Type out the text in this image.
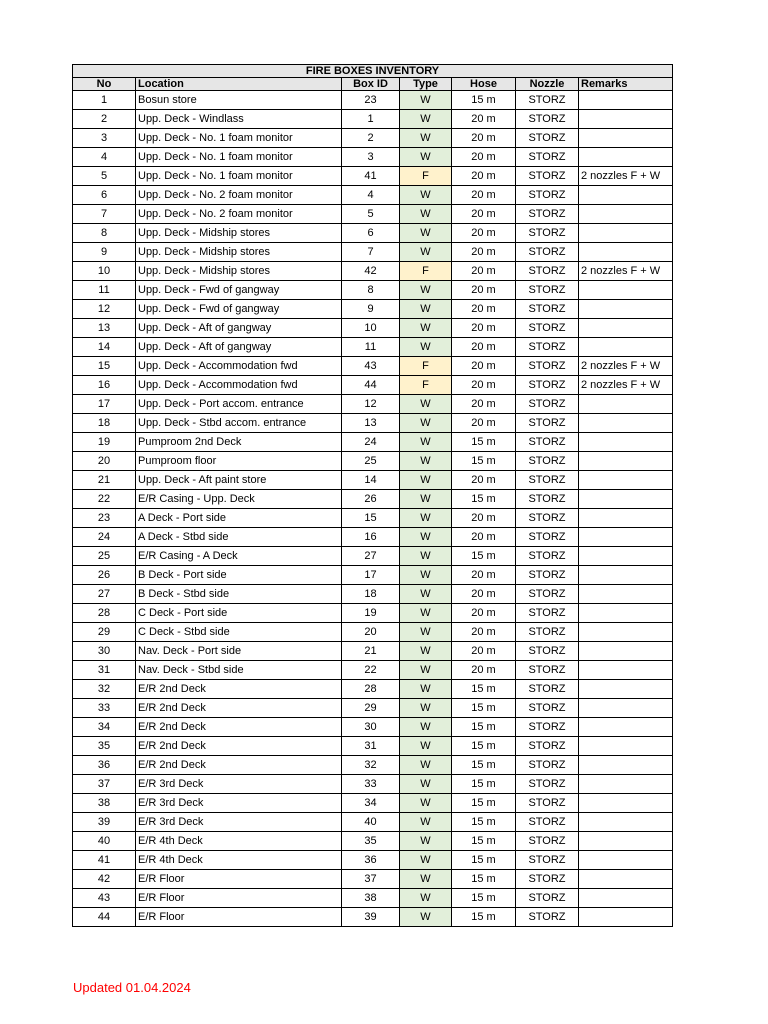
FIRE BOXES INVENTORY						
No	Location	Box ID	Type	Hose	Nozzle	Remarks
1	Bosun store	23	W	15 m	STORZ	
2	Upp. Deck - Windlass	1	W	20 m	STORZ	
3	Upp. Deck - No. 1 foam monitor	2	W	20 m	STORZ	
4	Upp. Deck - No. 1 foam monitor	3	W	20 m	STORZ	
5	Upp. Deck - No. 1 foam monitor	41	F	20 m	STORZ	2 nozzles F + W
6	Upp. Deck - No. 2 foam monitor	4	W	20 m	STORZ	
7	Upp. Deck - No. 2 foam monitor	5	W	20 m	STORZ	
8	Upp. Deck - Midship stores	6	W	20 m	STORZ	
9	Upp. Deck - Midship stores	7	W	20 m	STORZ	
10	Upp. Deck - Midship stores	42	F	20 m	STORZ	2 nozzles F + W
11	Upp. Deck - Fwd of gangway	8	W	20 m	STORZ	
12	Upp. Deck - Fwd of gangway	9	W	20 m	STORZ	
13	Upp. Deck - Aft of gangway	10	W	20 m	STORZ	
14	Upp. Deck - Aft of gangway	11	W	20 m	STORZ	
15	Upp. Deck - Accommodation fwd	43	F	20 m	STORZ	2 nozzles F + W
16	Upp. Deck - Accommodation fwd	44	F	20 m	STORZ	2 nozzles F + W
17	Upp. Deck - Port accom. entrance	12	W	20 m	STORZ	
18	Upp. Deck - Stbd accom. entrance	13	W	20 m	STORZ	
19	Pumproom 2nd Deck	24	W	15 m	STORZ	
20	Pumproom floor	25	W	15 m	STORZ	
21	Upp. Deck - Aft paint store	14	W	20 m	STORZ	
22	E/R Casing - Upp. Deck	26	W	15 m	STORZ	
23	A Deck - Port side	15	W	20 m	STORZ	
24	A Deck - Stbd side	16	W	20 m	STORZ	
25	E/R Casing - A Deck	27	W	15 m	STORZ	
26	B Deck - Port side	17	W	20 m	STORZ	
27	B Deck - Stbd side	18	W	20 m	STORZ	
28	C Deck - Port side	19	W	20 m	STORZ	
29	C Deck - Stbd side	20	W	20 m	STORZ	
30	Nav. Deck - Port side	21	W	20 m	STORZ	
31	Nav. Deck - Stbd side	22	W	20 m	STORZ	
32	E/R 2nd Deck	28	W	15 m	STORZ	
33	E/R 2nd Deck	29	W	15 m	STORZ	
34	E/R 2nd Deck	30	W	15 m	STORZ	
35	E/R 2nd Deck	31	W	15 m	STORZ	
36	E/R 2nd Deck	32	W	15 m	STORZ	
37	E/R 3rd Deck	33	W	15 m	STORZ	
38	E/R 3rd Deck	34	W	15 m	STORZ	
39	E/R 3rd Deck	40	W	15 m	STORZ	
40	E/R 4th Deck	35	W	15 m	STORZ	
41	E/R 4th Deck	36	W	15 m	STORZ	
42	E/R Floor	37	W	15 m	STORZ	
43	E/R Floor	38	W	15 m	STORZ	
44	E/R Floor	39	W	15 m	STORZ	
Updated 01.04.2024
